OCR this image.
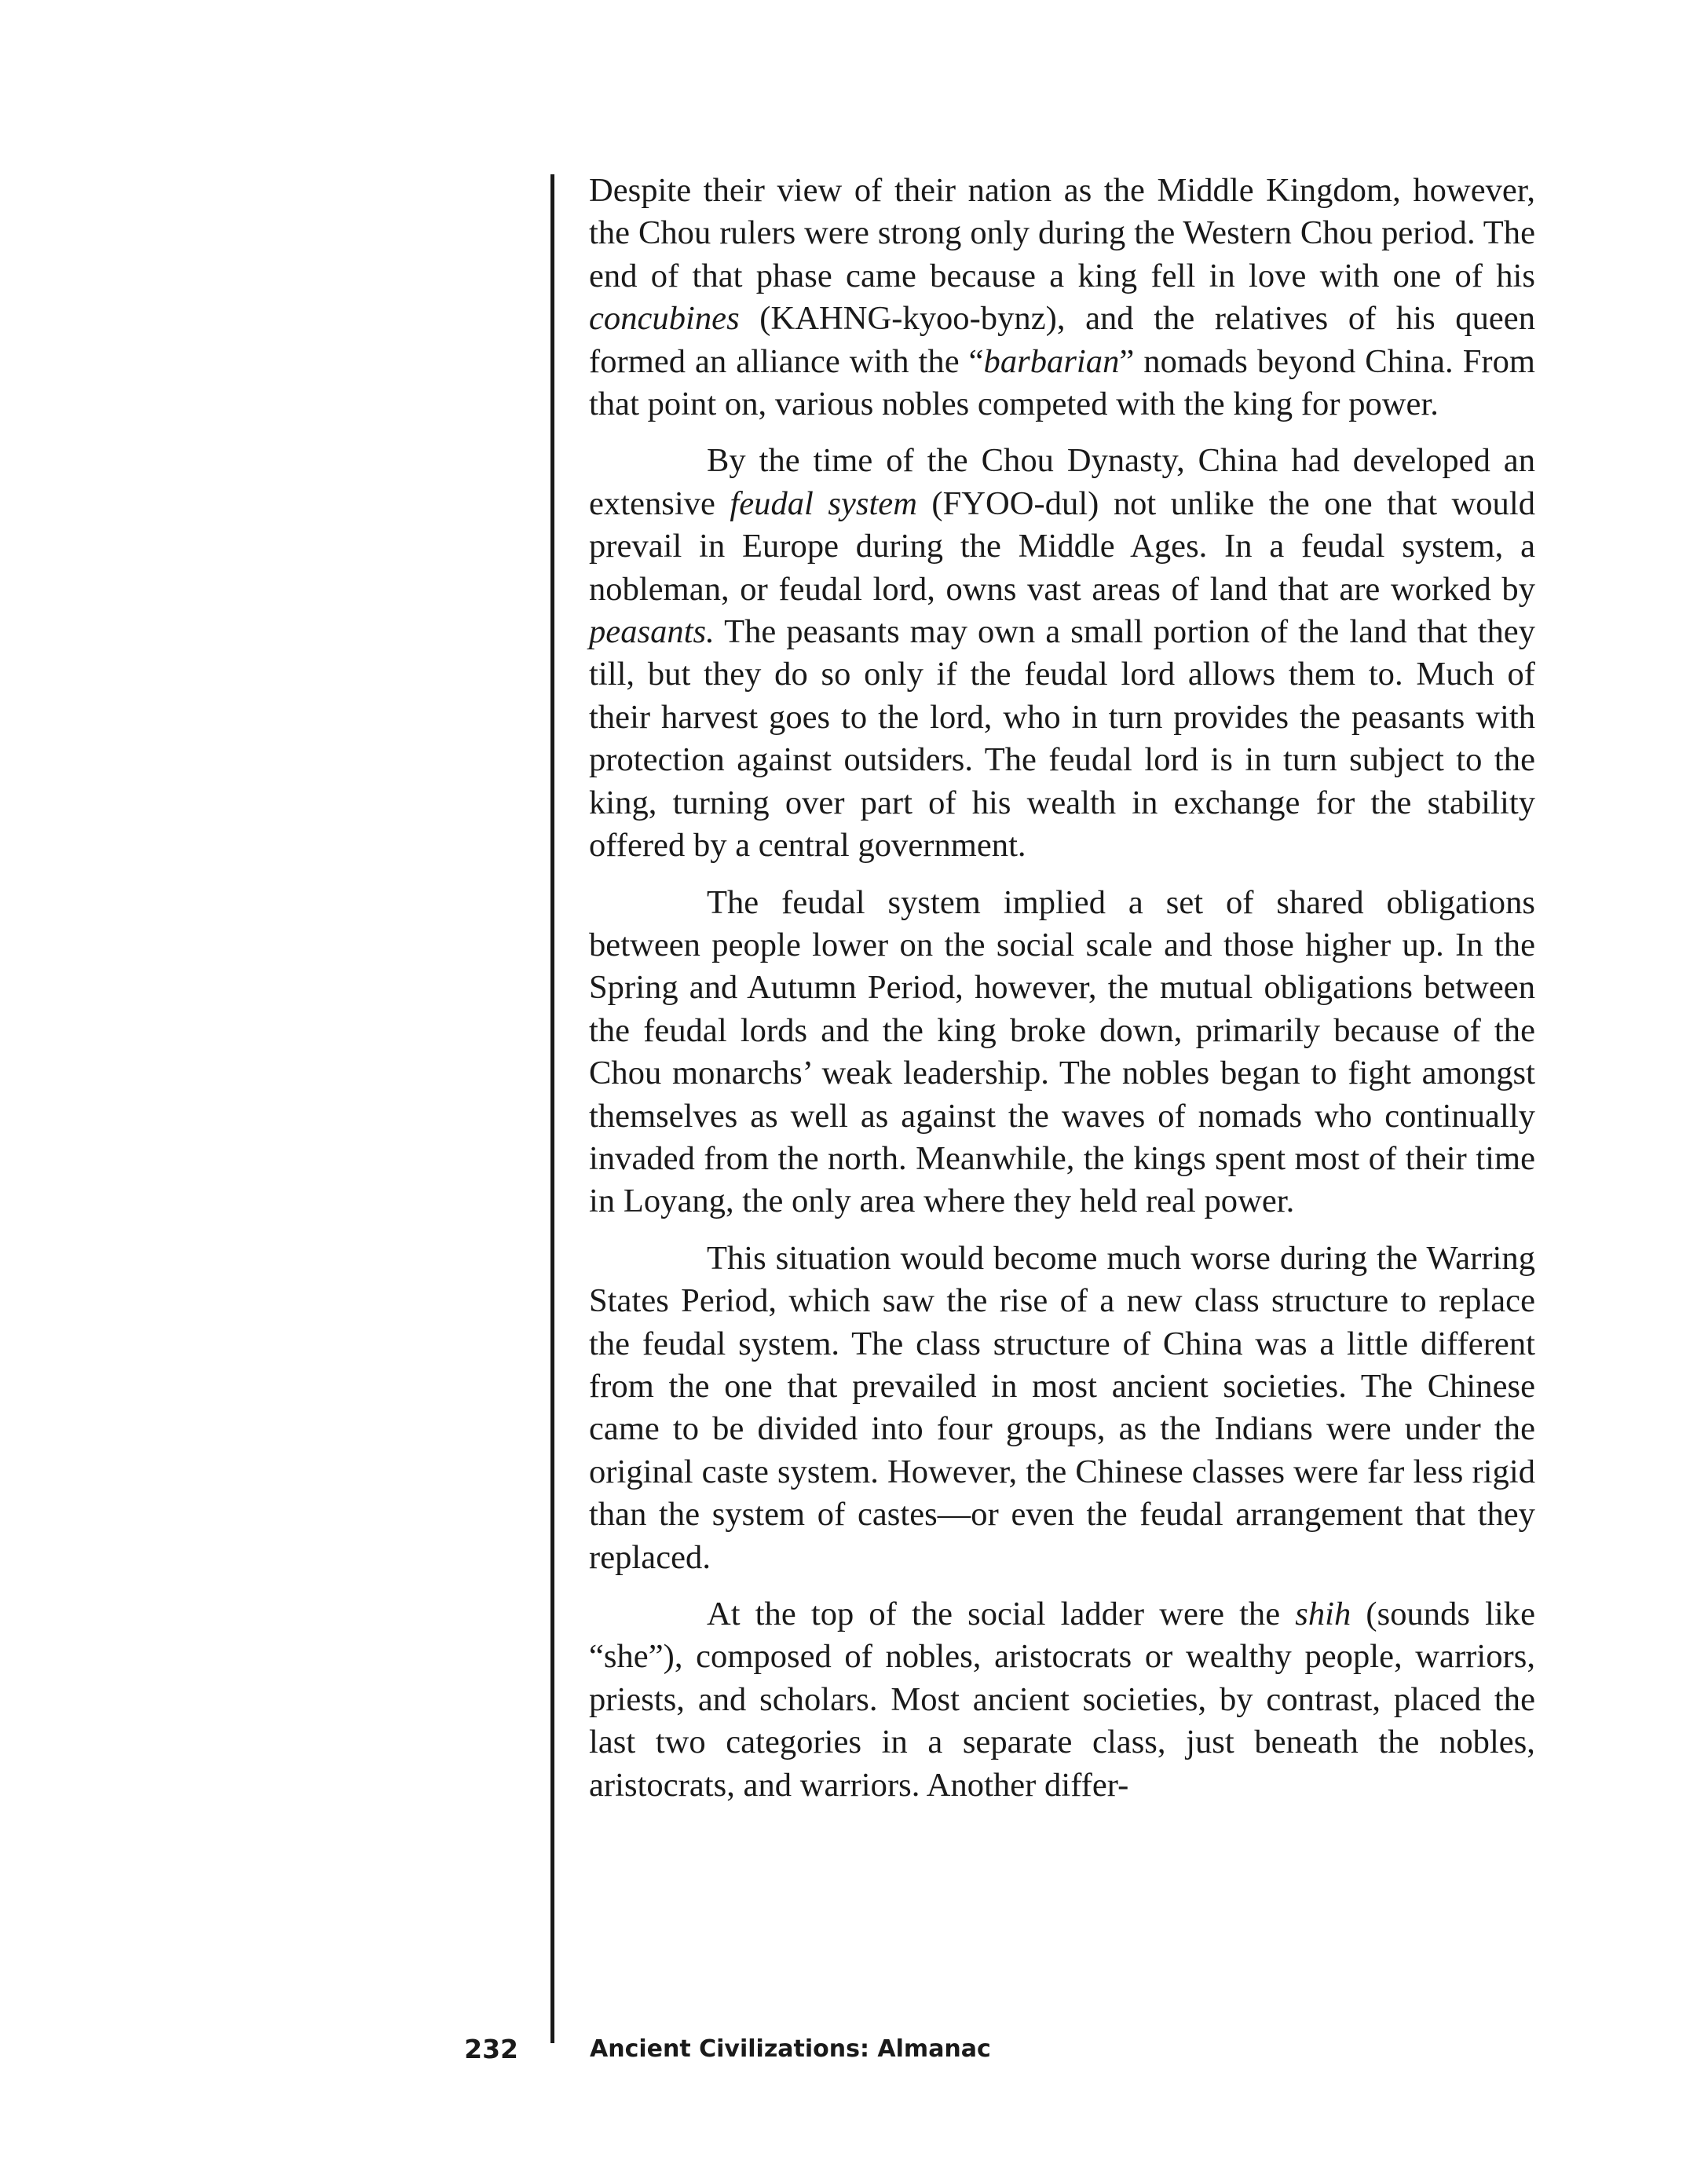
Despite their view of their nation as the Middle Kingdom, however, the Chou rulers were strong only during the Western Chou period. The end of that phase came because a king fell in love with one of his concubines (KAHNG-kyoo-bynz), and the relatives of his queen formed an alliance with the “barbarian” nomads beyond China. From that point on, various nobles competed with the king for power.

By the time of the Chou Dynasty, China had developed an extensive feudal system (FYOO-dul) not unlike the one that would prevail in Europe during the Middle Ages. In a feudal system, a nobleman, or feudal lord, owns vast areas of land that are worked by peasants. The peasants may own a small portion of the land that they till, but they do so only if the feudal lord allows them to. Much of their harvest goes to the lord, who in turn provides the peasants with protection against outsiders. The feudal lord is in turn subject to the king, turning over part of his wealth in exchange for the stability offered by a central government.

The feudal system implied a set of shared obligations between people lower on the social scale and those higher up. In the Spring and Autumn Period, however, the mutual obligations between the feudal lords and the king broke down, primarily because of the Chou monarchs’ weak leadership. The nobles began to fight amongst themselves as well as against the waves of nomads who continually invaded from the north. Meanwhile, the kings spent most of their time in Loyang, the only area where they held real power.

This situation would become much worse during the Warring States Period, which saw the rise of a new class structure to replace the feudal system. The class structure of China was a little different from the one that prevailed in most ancient societies. The Chinese came to be divided into four groups, as the Indians were under the original caste system. However, the Chinese classes were far less rigid than the system of castes—or even the feudal arrangement that they replaced.

At the top of the social ladder were the shih (sounds like “she”), composed of nobles, aristocrats or wealthy people, warriors, priests, and scholars. Most ancient societies, by contrast, placed the last two categories in a separate class, just beneath the nobles, aristocrats, and warriors. Another differ-

232	Ancient Civilizations: Almanac
